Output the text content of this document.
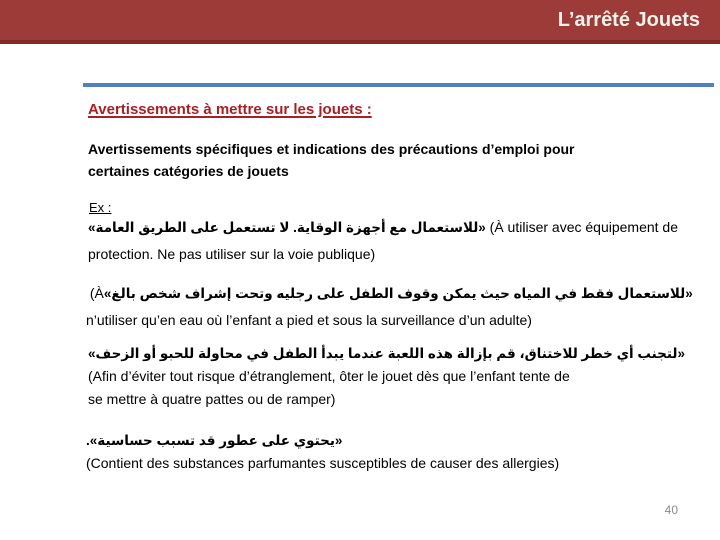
L’arrêté Jouets
Avertissements à mettre sur les jouets :
Avertissements spécifiques et indications des précautions d’emploi pour
certaines catégories de jouets
Ex :
«للاستعمال مع أجهزة الوقاية. لا تستعمل على الطريق العامة» (À utiliser avec équipement de
protection. Ne pas utiliser sur la voie publique)
«للاستعمال فقط في المياه حيث يمكن وقوف الطفل على رجليه وتحت إشراف شخص بالغ» (À
n’utiliser qu’en eau où l’enfant a pied et sous la surveillance d’un adulte)
«لتجنب أي خطر للاختناق، قم بإزالة هذه اللعبة عندما يبدأ الطفل في محاولة للحبو أو الزحف»
(Afin d’éviter tout risque d’étranglement, ôter le jouet dès que l’enfant tente de
se mettre à quatre pattes ou de ramper)
«يحتوي على عطور قد تسبب حساسية».
(Contient des substances parfumantes susceptibles de causer des allergies)
40
